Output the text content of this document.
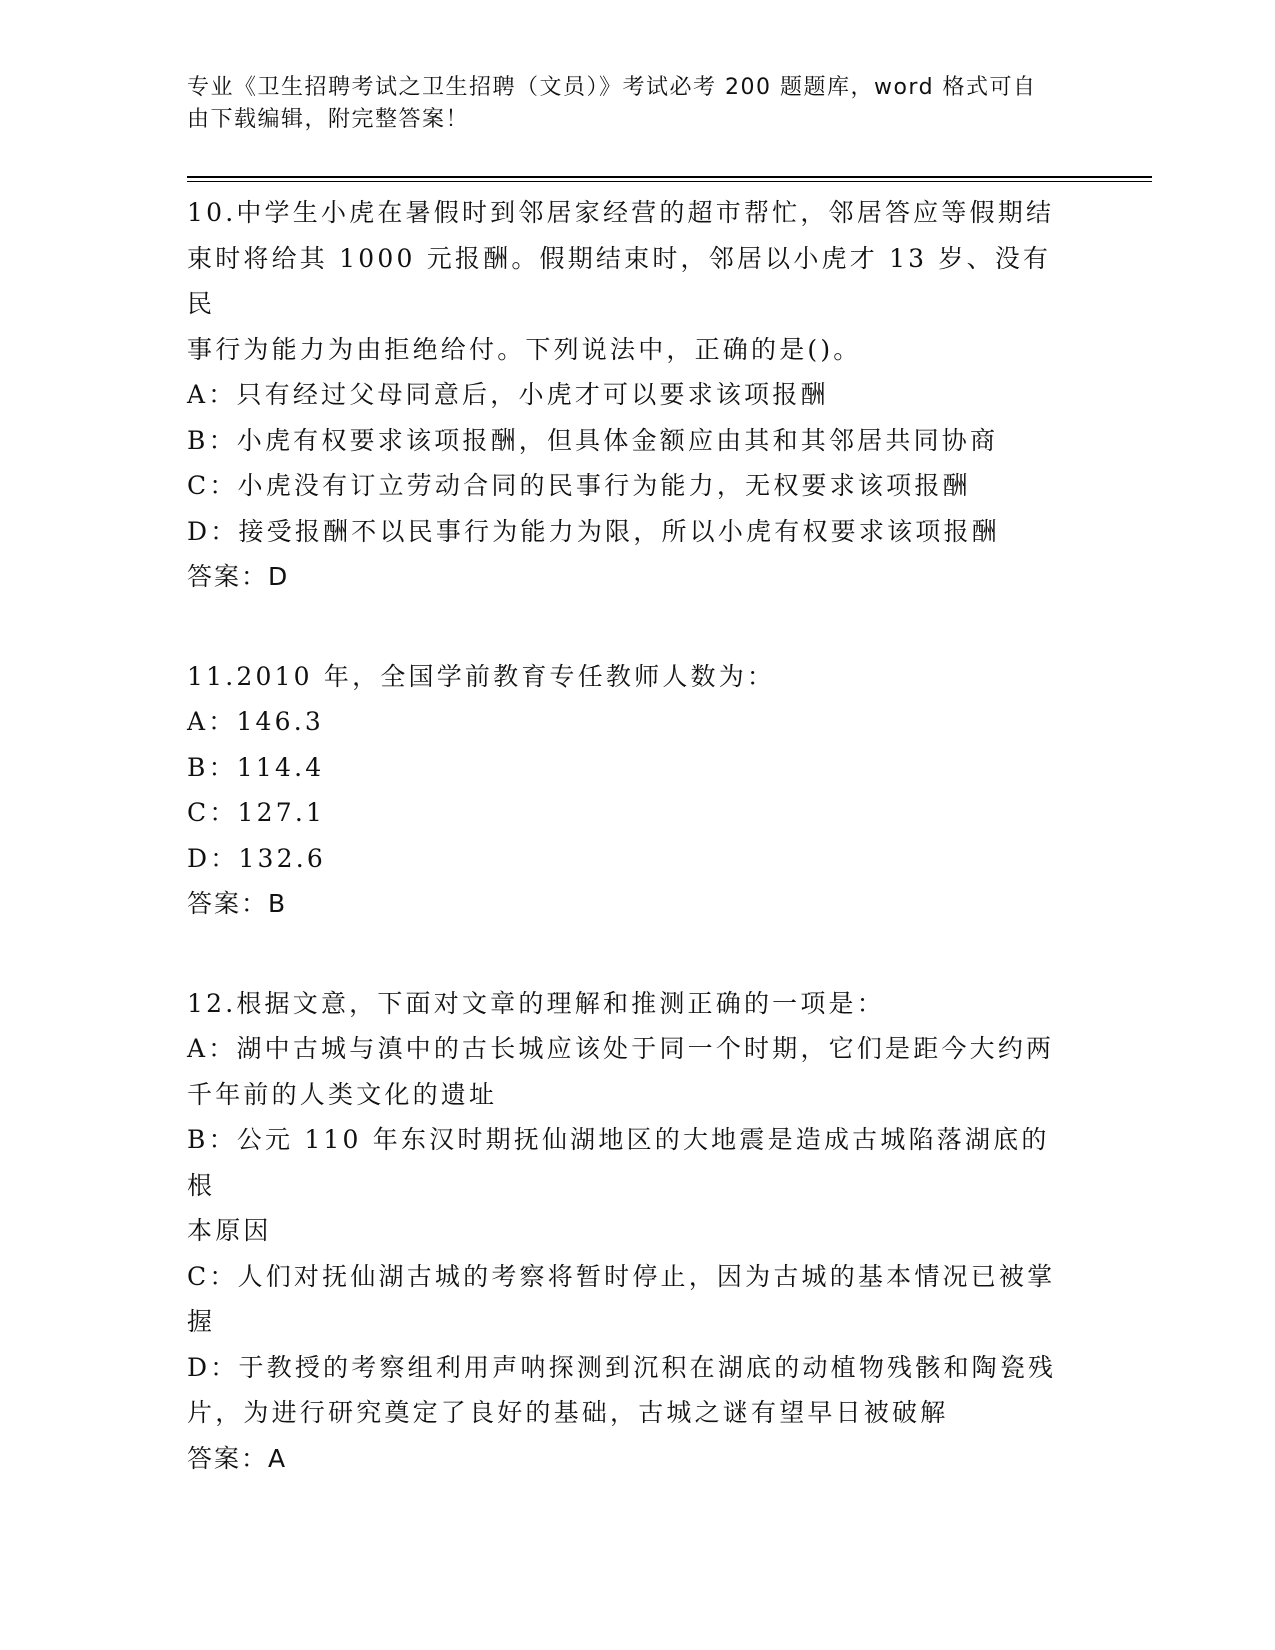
专业《卫生招聘考试之卫生招聘（文员）》考试必考 200 题题库，word 格式可自
由下载编辑，附完整答案！

10.中学生小虎在暑假时到邻居家经营的超市帮忙，邻居答应等假期结

束时将给其 1000 元报酬。假期结束时，邻居以小虎才 13 岁、没有民

事行为能力为由拒绝给付。下列说法中，正确的是()。

A：只有经过父母同意后，小虎才可以要求该项报酬

B：小虎有权要求该项报酬，但具体金额应由其和其邻居共同协商

C：小虎没有订立劳动合同的民事行为能力，无权要求该项报酬

D：接受报酬不以民事行为能力为限，所以小虎有权要求该项报酬

答案：D

11.2010 年，全国学前教育专任教师人数为：

A：146.3

B：114.4

C：127.1

D：132.6

答案：B

12.根据文意，下面对文章的理解和推测正确的一项是：

A：湖中古城与滇中的古长城应该处于同一个时期，它们是距今大约两

千年前的人类文化的遗址

B：公元 110 年东汉时期抚仙湖地区的大地震是造成古城陷落湖底的根

本原因

C：人们对抚仙湖古城的考察将暂时停止，因为古城的基本情况已被掌

握

D：于教授的考察组利用声呐探测到沉积在湖底的动植物残骸和陶瓷残

片，为进行研究奠定了良好的基础，古城之谜有望早日被破解

答案：A
